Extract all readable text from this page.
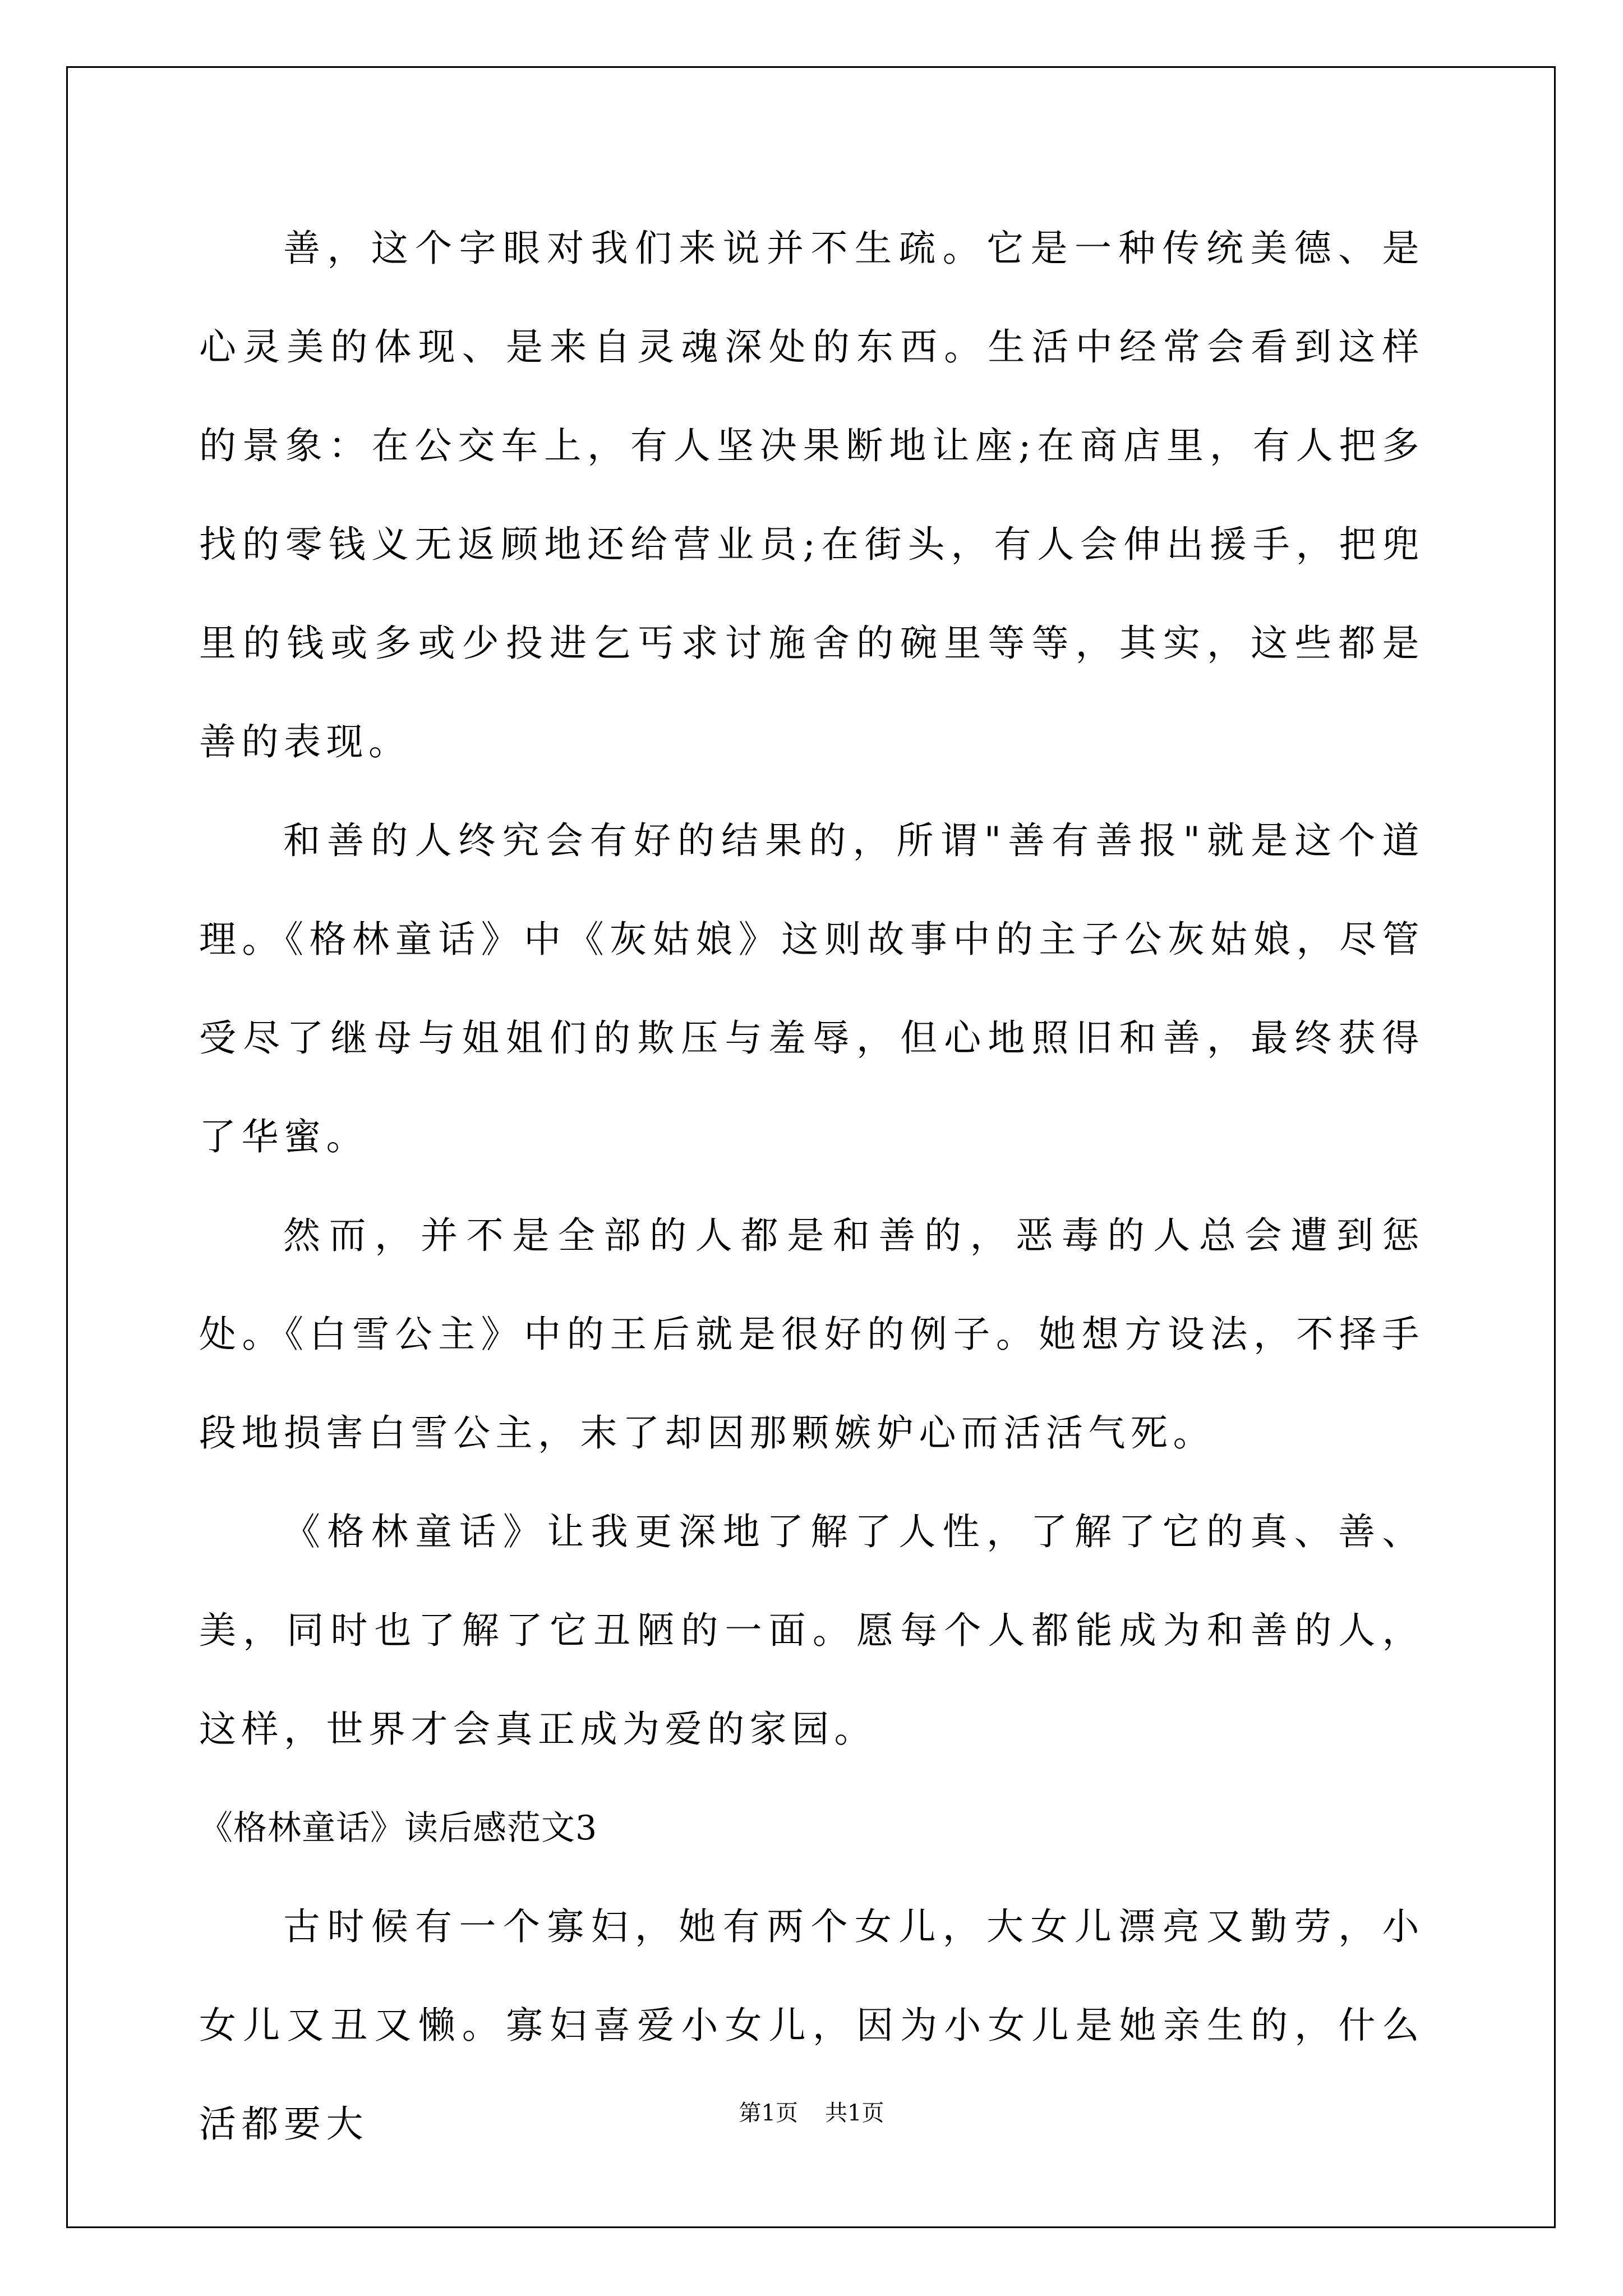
善，这个字眼对我们来说并不生疏。它是一种传统美德、是心灵美的体现、是来自灵魂深处的东西。生活中经常会看到这样的景象：在公交车上，有人坚决果断地让座;在商店里，有人把多找的零钱义无返顾地还给营业员;在街头，有人会伸出援手，把兜里的钱或多或少投进乞丐求讨施舍的碗里等等，其实，这些都是善的表现。

和善的人终究会有好的结果的，所谓"善有善报"就是这个道理。《格林童话》中《灰姑娘》这则故事中的主子公灰姑娘，尽管受尽了继母与姐姐们的欺压与羞辱，但心地照旧和善，最终获得了华蜜。

然而，并不是全部的人都是和善的，恶毒的人总会遭到惩处。《白雪公主》中的王后就是很好的例子。她想方设法，不择手段地损害白雪公主，末了却因那颗嫉妒心而活活气死。

《格林童话》让我更深地了解了人性，了解了它的真、善、美，同时也了解了它丑陋的一面。愿每个人都能成为和善的人，这样，世界才会真正成为爱的家园。

《格林童话》读后感范文3

古时候有一个寡妇，她有两个女儿，大女儿漂亮又勤劳，小女儿又丑又懒。寡妇喜爱小女儿，因为小女儿是她亲生的，什么活都要大	第1页 共1页
